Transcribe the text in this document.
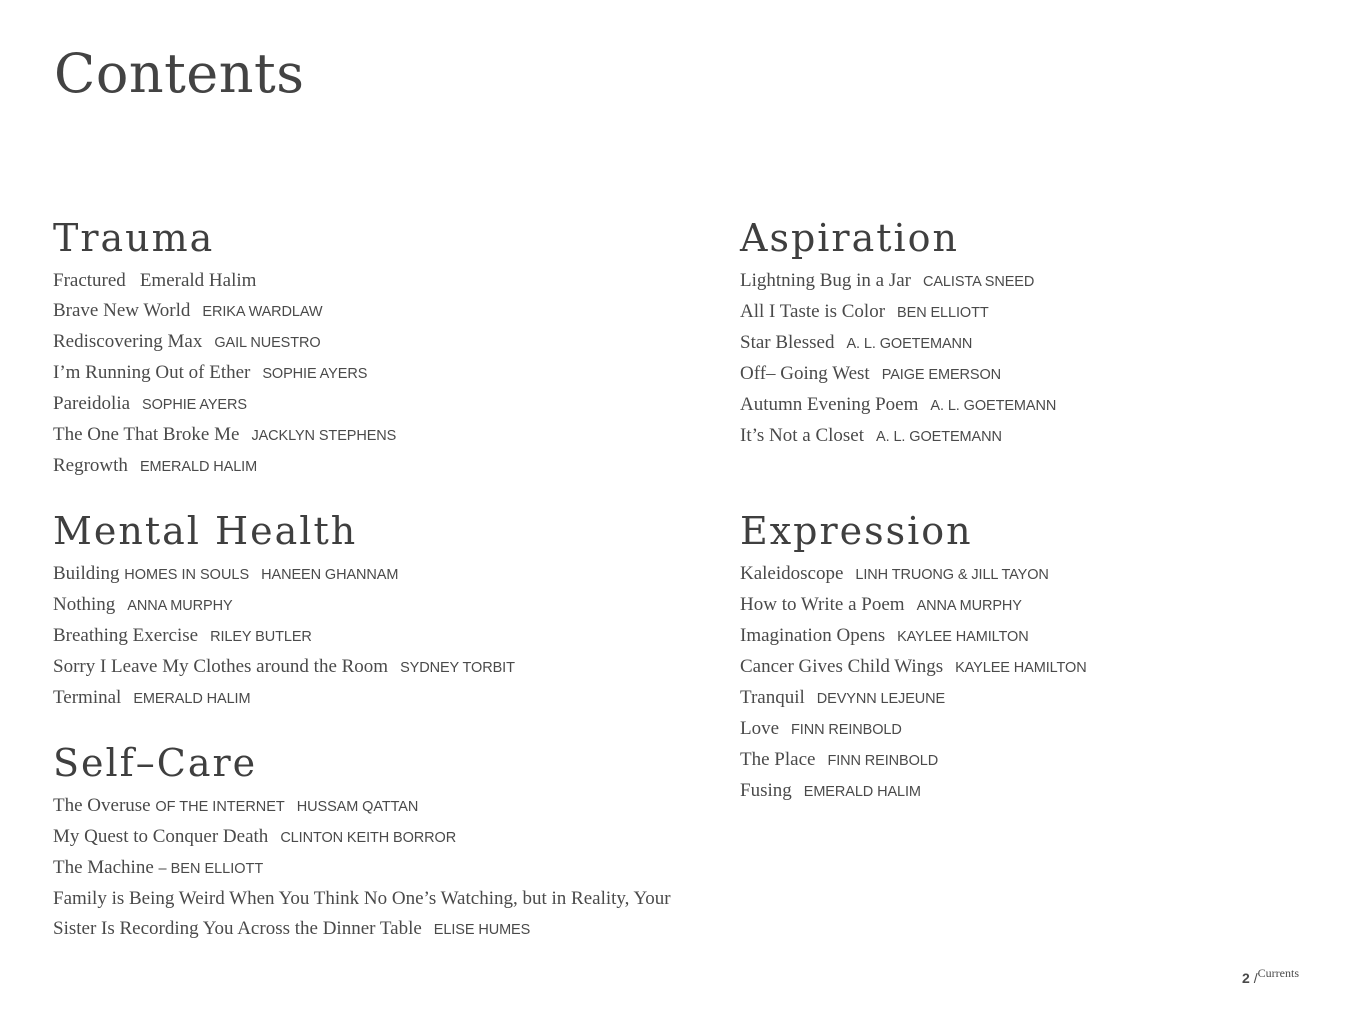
Contents
Trauma
Fractured Emerald Halim
Brave New World ERIKA WARDLAW
Rediscovering Max GAIL NUESTRO
I’m Running Out of Ether SOPHIE AYERS
Pareidolia SOPHIE AYERS
The One That Broke Me JACKLYN STEPHENS
Regrowth EMERALD HALIM
Mental Health
Building HOMES IN SOULS HANEEN GHANNAM
Nothing ANNA MURPHY
Breathing Exercise RILEY BUTLER
Sorry I Leave My Clothes around the Room SYDNEY TORBIT
Terminal EMERALD HALIM
Self–Care
The Overuse OF THE INTERNET HUSSAM QATTAN
My Quest to Conquer Death CLINTON KEITH BORROR
The Machine – BEN ELLIOTT
Family is Being Weird When You Think No One’s Watching, but in Reality, Your Sister Is Recording You Across the Dinner Table ELISE HUMES
Aspiration
Lightning Bug in a Jar CALISTA SNEED
All I Taste is Color BEN ELLIOTT
Star Blessed A. L. GOETEMANN
Off– Going West PAIGE EMERSON
Autumn Evening Poem A. L. GOETEMANN
It’s Not a Closet A. L. GOETEMANN
Expression
Kaleidoscope LINH TRUONG & JILL TAYON
How to Write a Poem ANNA MURPHY
Imagination Opens KAYLEE HAMILTON
Cancer Gives Child Wings KAYLEE HAMILTON
Tranquil DEVYNN LEJEUNE
Love FINN REINBOLD
The Place FINN REINBOLD
Fusing EMERALD HALIM
2 /$^{Currents}$
